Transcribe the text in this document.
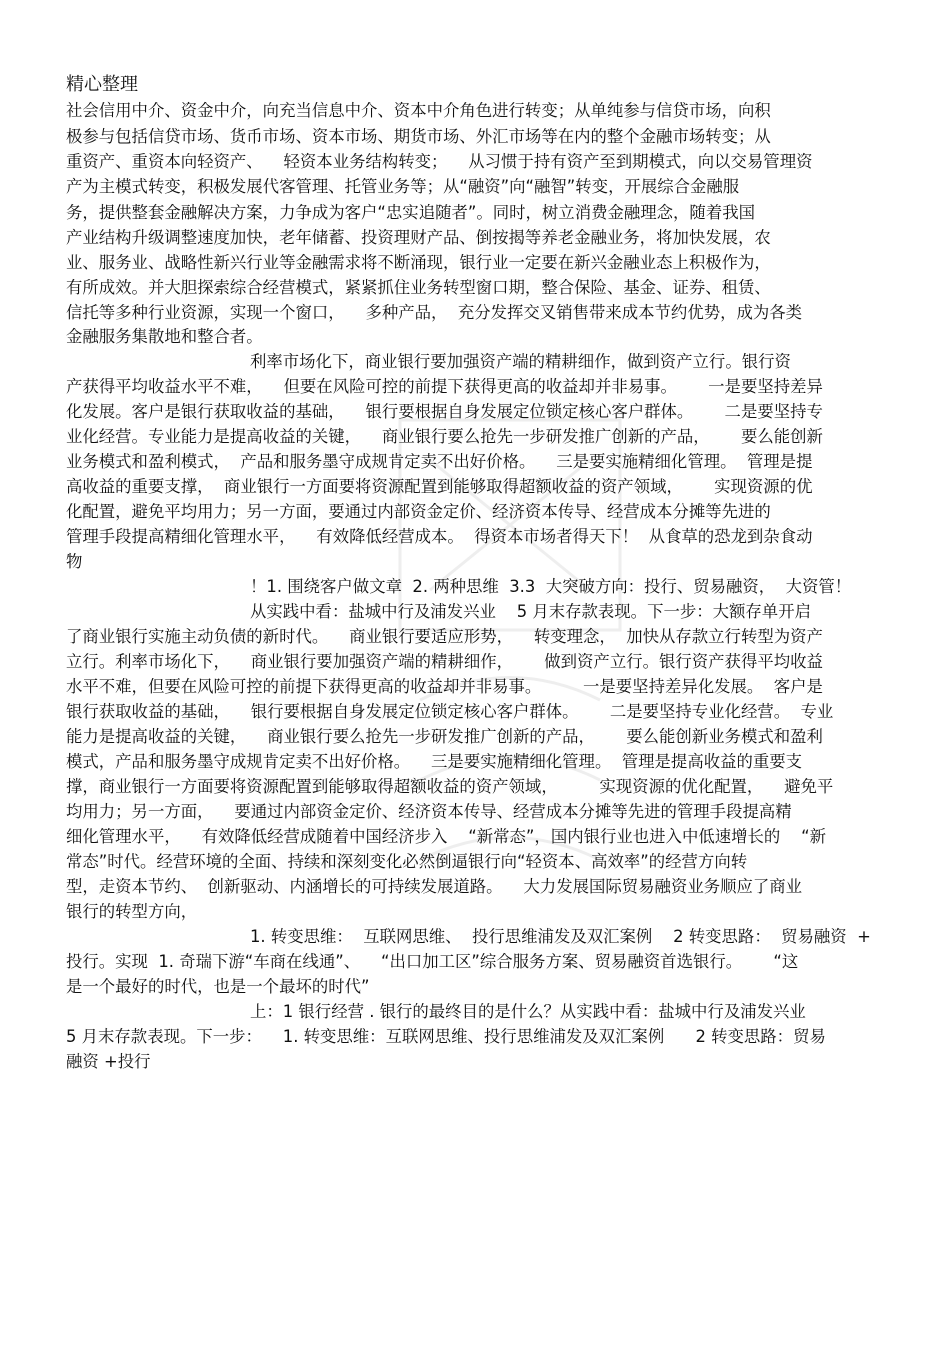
精心整理
社会信用中介、资金中介，向充当信息中介、资本中介角色进行转变；从单纯参与信贷市场，向积
极参与包括信贷市场、货币市场、资本市场、期货市场、外汇市场等在内的整个金融市场转变；从
重资产、重资本向轻资产、    轻资本业务结构转变；    从习惯于持有资产至到期模式，向以交易管理资
产为主模式转变，积极发展代客管理、托管业务等；从“融资”向“融智”转变，开展综合金融服
务，提供整套金融解决方案，力争成为客户“忠实追随者”。同时，树立消费金融理念，随着我国
产业结构升级调整速度加快，老年储蓄、投资理财产品、倒按揭等养老金融业务，将加快发展，农
业、服务业、战略性新兴行业等金融需求将不断涌现，银行业一定要在新兴金融业态上积极作为，
有所成效。并大胆探索综合经营模式，紧紧抓住业务转型窗口期，整合保险、基金、证券、租赁、
信托等多种行业资源，实现一个窗口，    多种产品，  充分发挥交叉销售带来成本节约优势，成为各类
金融服务集散地和整合者。
利率市场化下，商业银行要加强资产端的精耕细作，做到资产立行。银行资
产获得平均收益水平不难，    但要在风险可控的前提下获得更高的收益却并非易事。      一是要坚持差异
化发展。客户是银行获取收益的基础，    银行要根据自身发展定位锁定核心客户群体。      二是要坚持专
业化经营。专业能力是提高收益的关键，    商业银行要么抢先一步研发推广创新的产品，      要么能创新
业务模式和盈利模式，  产品和服务墨守成规肯定卖不出好价格。    三是要实施精细化管理。  管理是提
高收益的重要支撑，  商业银行一方面要将资源配置到能够取得超额收益的资产领域，      实现资源的优
化配置，避免平均用力；另一方面，要通过内部资金定价、经济资本传导、经营成本分摊等先进的
管理手段提高精细化管理水平，    有效降低经营成本。  得资本市场者得天下！  从食草的恐龙到杂食动
物
！1. 围绕客户做文章  2. 两种思维  3.3  大突破方向：投行、贸易融资，  大资管！
从实践中看：盐城中行及浦发兴业    5 月末存款表现。下一步：大额存单开启
了商业银行实施主动负债的新时代。    商业银行要适应形势，    转变理念，  加快从存款立行转型为资产
立行。利率市场化下，    商业银行要加强资产端的精耕细作，      做到资产立行。银行资产获得平均收益
水平不难，但要在风险可控的前提下获得更高的收益却并非易事。        一是要坚持差异化发展。  客户是
银行获取收益的基础，    银行要根据自身发展定位锁定核心客户群体。      二是要坚持专业化经营。  专业
能力是提高收益的关键，    商业银行要么抢先一步研发推广创新的产品，      要么能创新业务模式和盈利
模式，产品和服务墨守成规肯定卖不出好价格。    三是要实施精细化管理。  管理是提高收益的重要支
撑，商业银行一方面要将资源配置到能够取得超额收益的资产领域，        实现资源的优化配置，    避免平
均用力；另一方面，    要通过内部资金定价、经济资本传导、经营成本分摊等先进的管理手段提高精
细化管理水平，    有效降低经营成随着中国经济步入    “新常态”，国内银行业也进入中低速增长的    “新
常态”时代。经营环境的全面、持续和深刻变化必然倒逼银行向“轻资本、高效率”的经营方向转
型，走资本节约、  创新驱动、内涵增长的可持续发展道路。    大力发展国际贸易融资业务顺应了商业
银行的转型方向，
1. 转变思维：  互联网思维、  投行思维浦发及双汇案例    2 转变思路：  贸易融资  +
投行。实现  1. 奇瑞下游“车商在线通”、    “出口加工区”综合服务方案、贸易融资首选银行。      “这
是一个最好的时代，也是一个最坏的时代”
上：1 银行经营 . 银行的最终目的是什么？从实践中看：盐城中行及浦发兴业
5 月末存款表现。下一步：    1. 转变思维：互联网思维、投行思维浦发及双汇案例      2 转变思路：贸易
融资 +投行
